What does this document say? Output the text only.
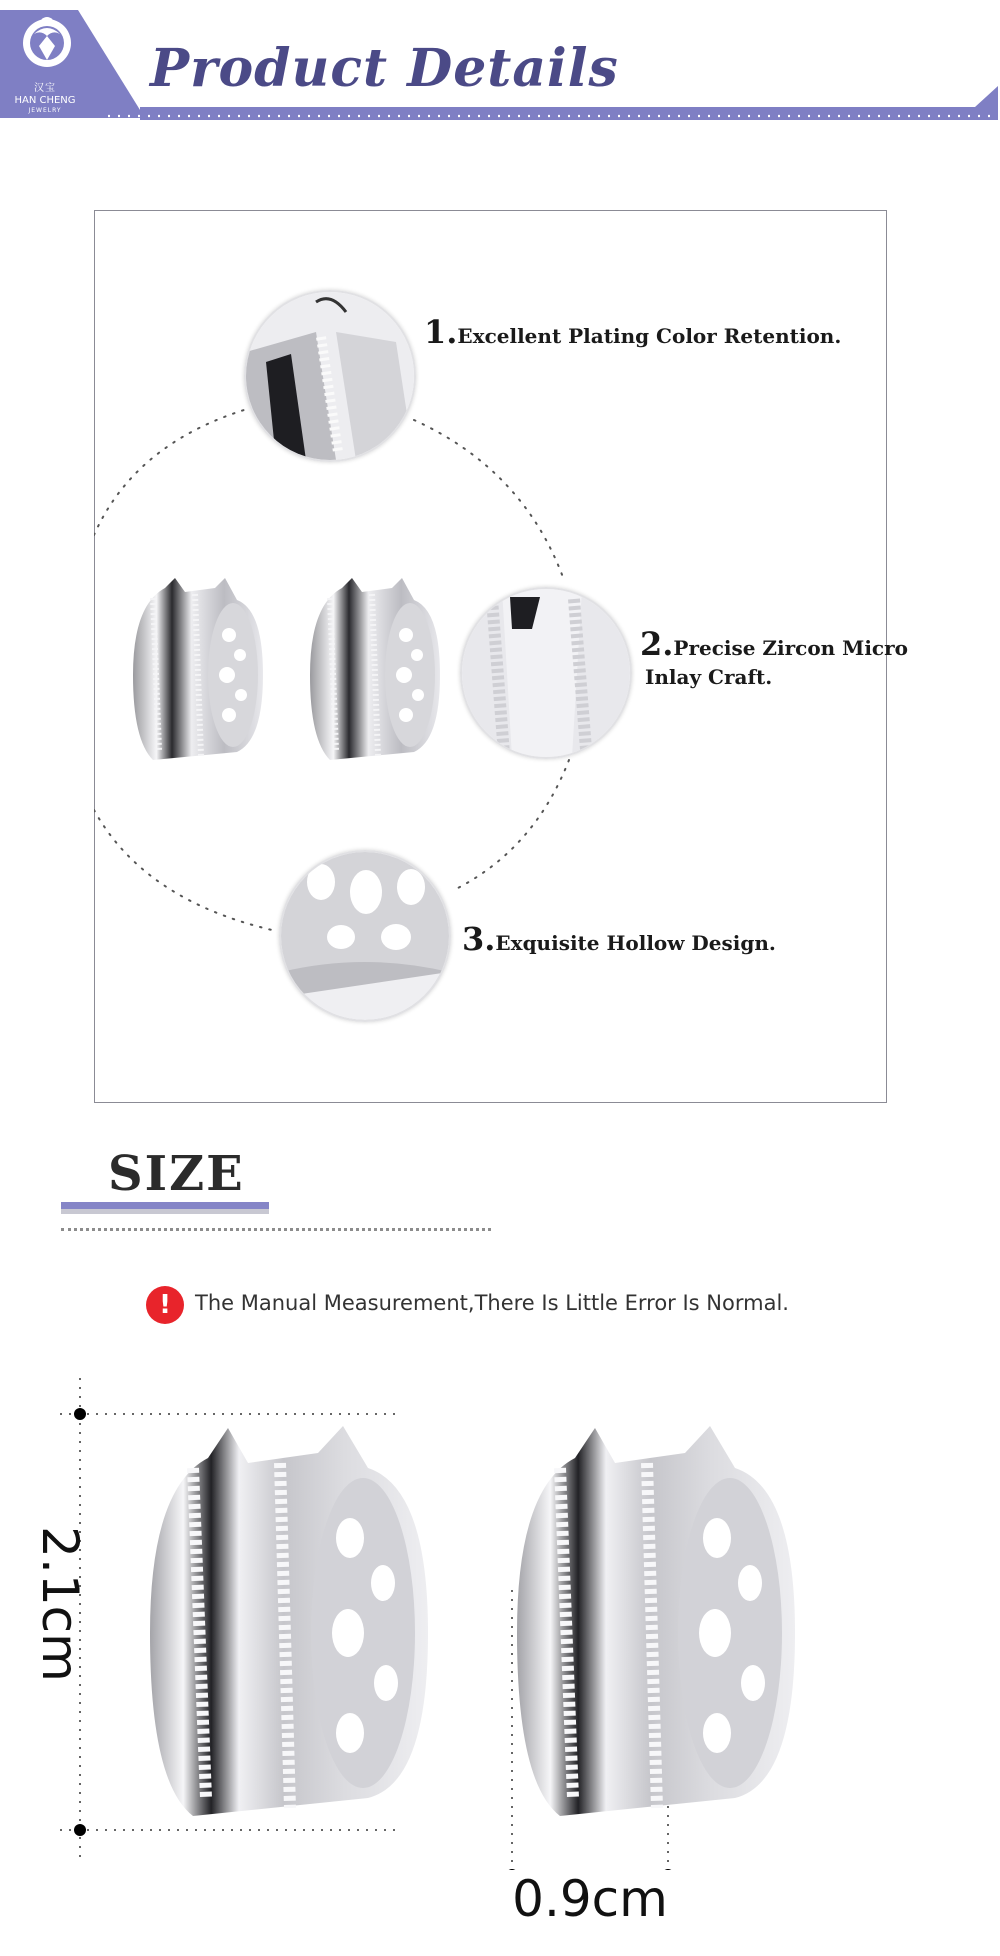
汉宝
HAN CHENG
JEWELRY
Product Details
1.Excellent Plating Color Retention.
2.Precise Zircon Micro
Inlay Craft.
3.Exquisite Hollow Design.
SIZE
!	The Manual Measurement,There Is Little Error Is Normal.
2.1cm
0.9cm
